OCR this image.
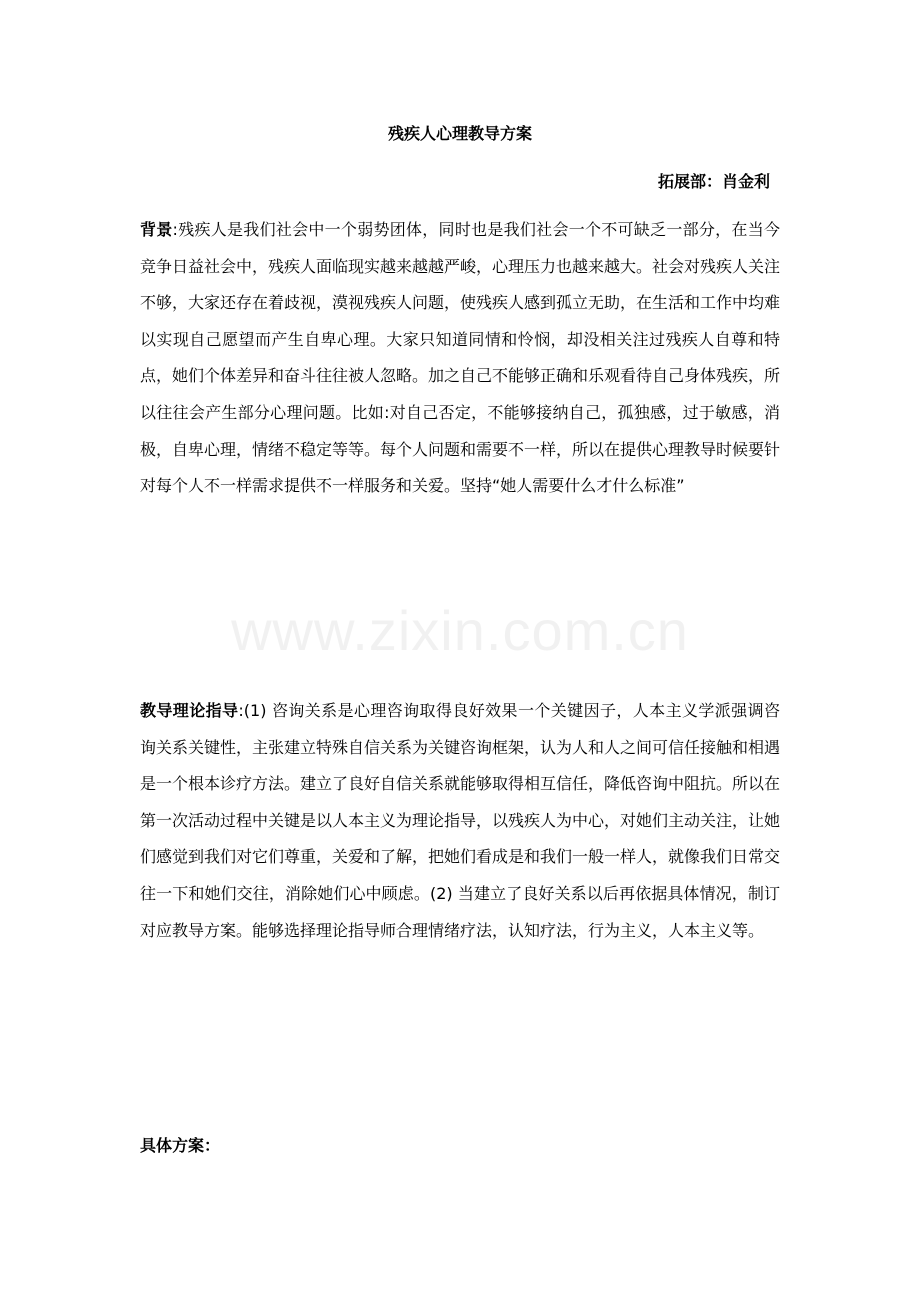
www.zixin.com.cn
残疾人心理教导方案

拓展部：肖金利

背景:残疾人是我们社会中一个弱势团体，同时也是我们社会一个不可缺乏一部分，在当今竞争日益社会中，残疾人面临现实越来越越严峻，心理压力也越来越大。社会对残疾人关注不够，大家还存在着歧视，漠视残疾人问题，使残疾人感到孤立无助，在生活和工作中均难以实现自己愿望而产生自卑心理。大家只知道同情和怜悯，却没相关注过残疾人自尊和特点，她们个体差异和奋斗往往被人忽略。加之自己不能够正确和乐观看待自己身体残疾，所以往往会产生部分心理问题。比如:对自己否定，不能够接纳自己，孤独感，过于敏感，消极，自卑心理，情绪不稳定等等。每个人问题和需要不一样，所以在提供心理教导时候要针对每个人不一样需求提供不一样服务和关爱。坚持“她人需要什么才什么标准”

教导理论指导:(1) 咨询关系是心理咨询取得良好效果一个关键因子，人本主义学派强调咨询关系关键性，主张建立特殊自信关系为关键咨询框架，认为人和人之间可信任接触和相遇是一个根本诊疗方法。建立了良好自信关系就能够取得相互信任，降低咨询中阻抗。所以在第一次活动过程中关键是以人本主义为理论指导，以残疾人为中心，对她们主动关注，让她们感觉到我们对它们尊重，关爱和了解，把她们看成是和我们一般一样人，就像我们日常交往一下和她们交往，消除她们心中顾虑。(2) 当建立了良好关系以后再依据具体情况，制订对应教导方案。能够选择理论指导师合理情绪疗法，认知疗法，行为主义，人本主义等。

具体方案：
